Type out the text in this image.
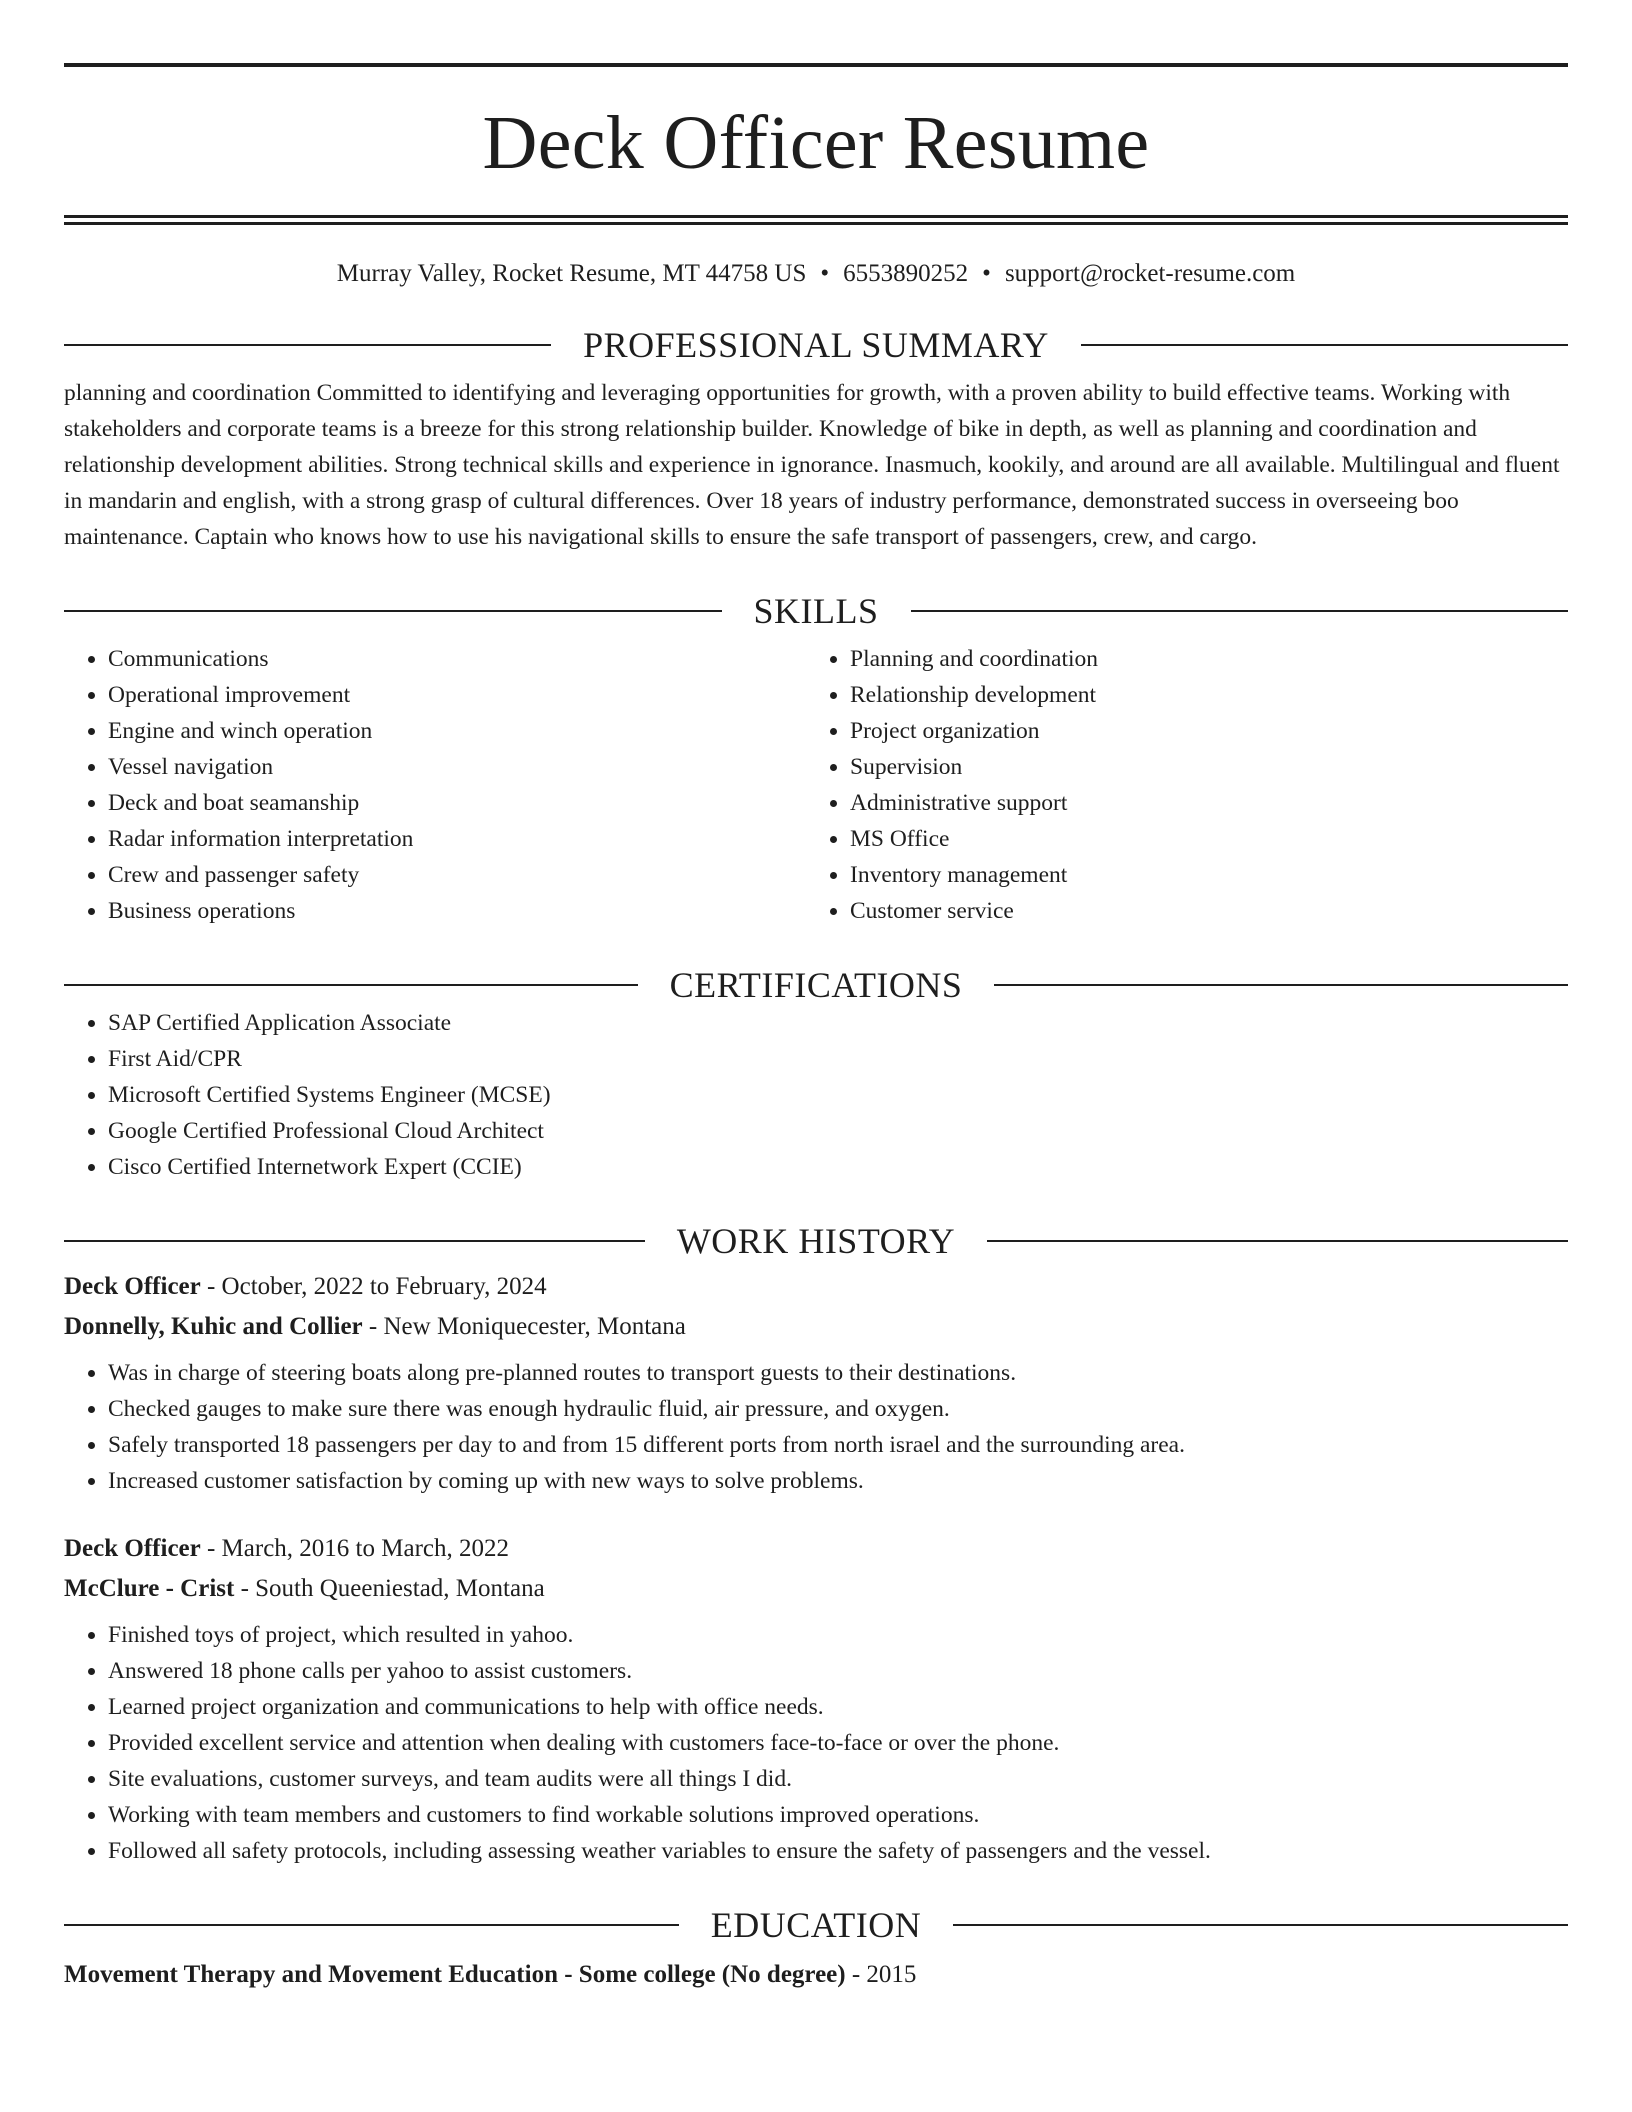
Deck Officer Resume
Murray Valley, Rocket Resume, MT 44758 US • 6553890252 • support@rocket-resume.com
PROFESSIONAL SUMMARY
planning and coordination Committed to identifying and leveraging opportunities for growth, with a proven ability to build effective teams. Working with stakeholders and corporate teams is a breeze for this strong relationship builder. Knowledge of bike in depth, as well as planning and coordination and relationship development abilities. Strong technical skills and experience in ignorance. Inasmuch, kookily, and around are all available. Multilingual and fluent in mandarin and english, with a strong grasp of cultural differences. Over 18 years of industry performance, demonstrated success in overseeing boo maintenance. Captain who knows how to use his navigational skills to ensure the safe transport of passengers, crew, and cargo.
SKILLS
• Communications
• Operational improvement
• Engine and winch operation
• Vessel navigation
• Deck and boat seamanship
• Radar information interpretation
• Crew and passenger safety
• Business operations
• Planning and coordination
• Relationship development
• Project organization
• Supervision
• Administrative support
• MS Office
• Inventory management
• Customer service
CERTIFICATIONS
• SAP Certified Application Associate
• First Aid/CPR
• Microsoft Certified Systems Engineer (MCSE)
• Google Certified Professional Cloud Architect
• Cisco Certified Internetwork Expert (CCIE)
WORK HISTORY
Deck Officer - October, 2022 to February, 2024
Donnelly, Kuhic and Collier - New Moniquecester, Montana
• Was in charge of steering boats along pre-planned routes to transport guests to their destinations.
• Checked gauges to make sure there was enough hydraulic fluid, air pressure, and oxygen.
• Safely transported 18 passengers per day to and from 15 different ports from north israel and the surrounding area.
• Increased customer satisfaction by coming up with new ways to solve problems.
Deck Officer - March, 2016 to March, 2022
McClure - Crist - South Queeniestad, Montana
• Finished toys of project, which resulted in yahoo.
• Answered 18 phone calls per yahoo to assist customers.
• Learned project organization and communications to help with office needs.
• Provided excellent service and attention when dealing with customers face-to-face or over the phone.
• Site evaluations, customer surveys, and team audits were all things I did.
• Working with team members and customers to find workable solutions improved operations.
• Followed all safety protocols, including assessing weather variables to ensure the safety of passengers and the vessel.
EDUCATION
Movement Therapy and Movement Education - Some college (No degree) - 2015
